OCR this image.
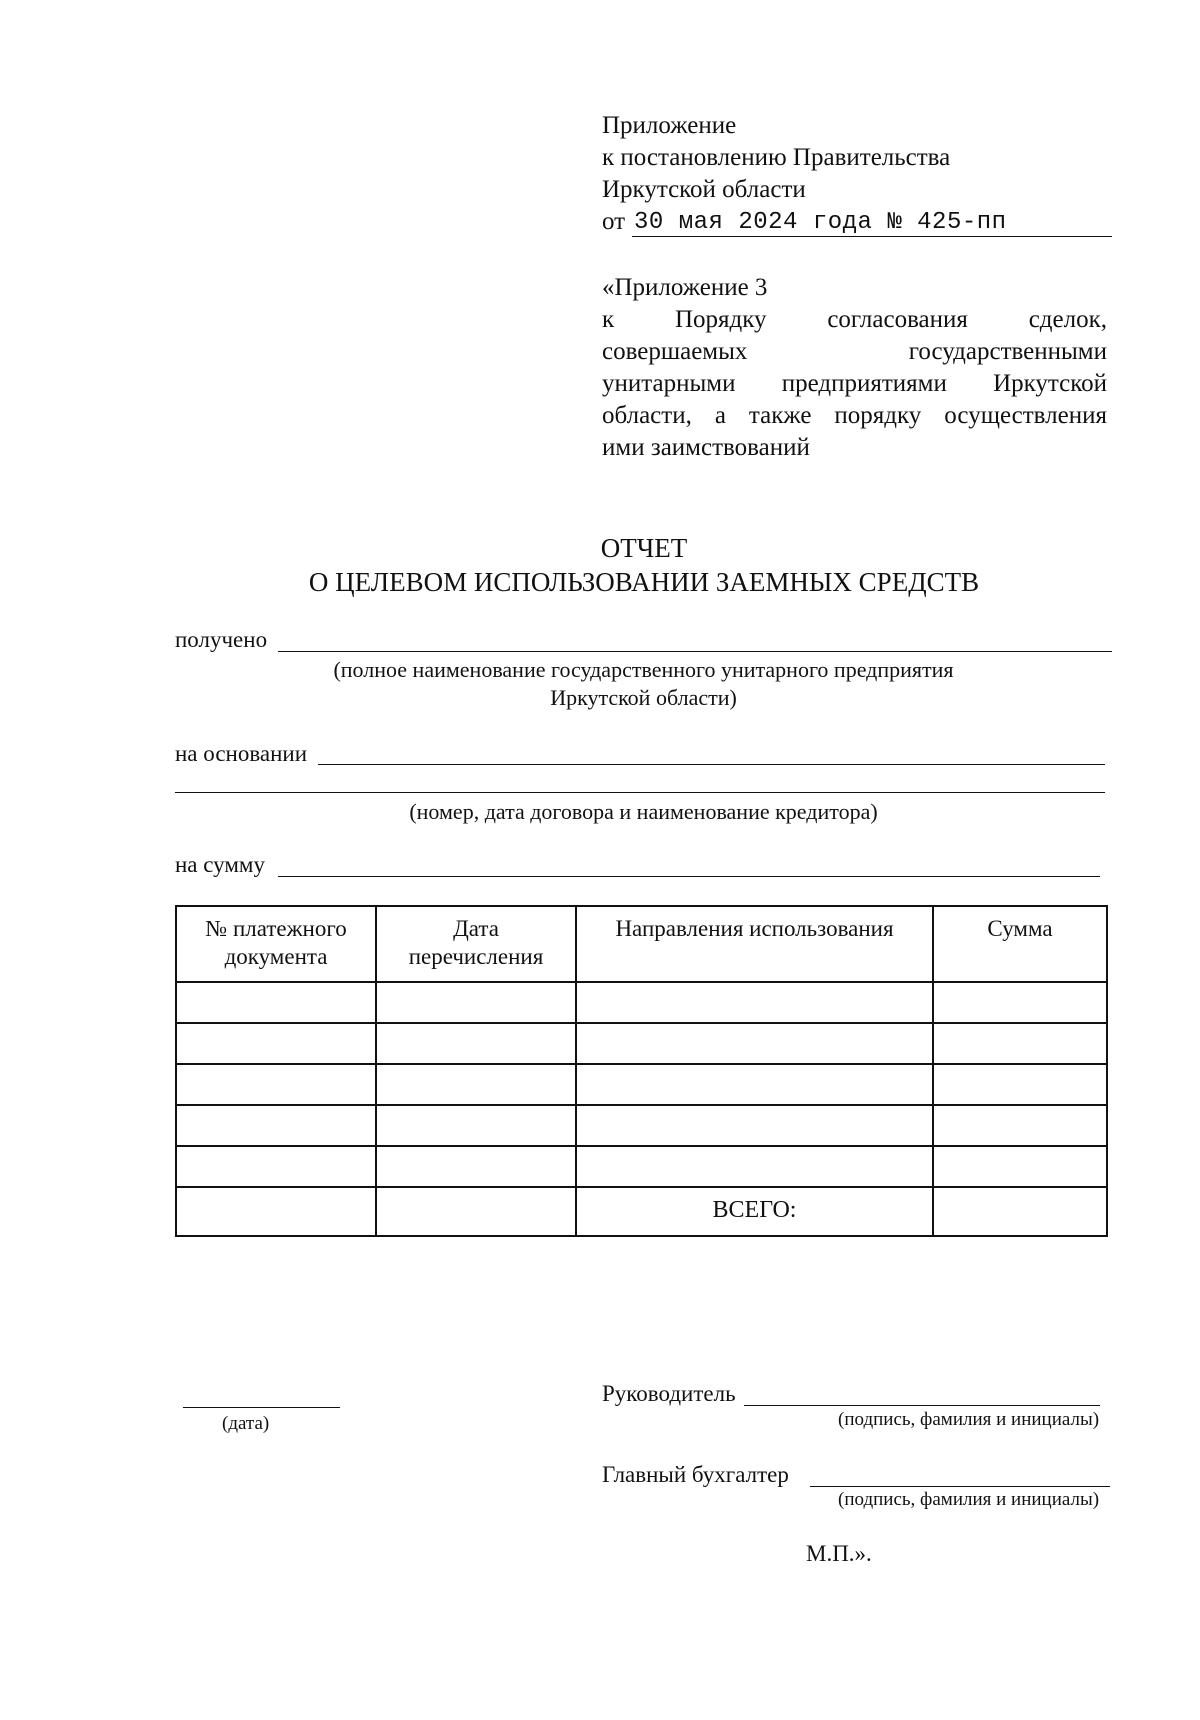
Приложение
к постановлению Правительства
Иркутской области
от 30 мая 2024 года № 425-пп
«Приложение 3
к Порядку согласования сделок,
совершаемых государственными
унитарными предприятиями Иркутской
области, а также порядку осуществления
ими заимствований
ОТЧЕТ
О ЦЕЛЕВОМ ИСПОЛЬЗОВАНИИ ЗАЕМНЫХ СРЕДСТВ
получено
(полное наименование государственного унитарного предприятия
Иркутской области)
на основании
(номер, дата договора и наименование кредитора)
на сумму
№ платежного документа	Дата перечисления	Направления использования	Сумма

		ВСЕГО:	
(дата)
Руководитель
(подпись, фамилия и инициалы)
Главный бухгалтер
(подпись, фамилия и инициалы)
М.П.».
